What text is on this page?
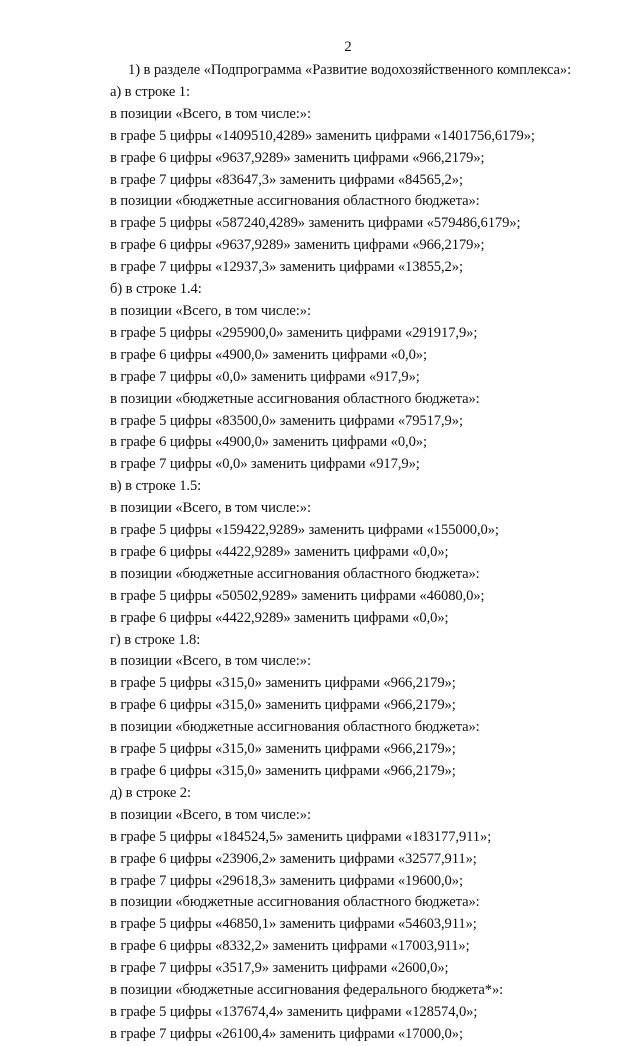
2
1) в разделе «Подпрограмма «Развитие водохозяйственного комплекса»:
а) в строке 1:
в позиции «Всего, в том числе:»:
в графе 5 цифры «1409510,4289» заменить цифрами «1401756,6179»;
в графе 6 цифры «9637,9289» заменить цифрами «966,2179»;
в графе 7 цифры «83647,3» заменить цифрами «84565,2»;
в позиции «бюджетные ассигнования областного бюджета»:
в графе 5 цифры «587240,4289» заменить цифрами «579486,6179»;
в графе 6 цифры «9637,9289» заменить цифрами «966,2179»;
в графе 7 цифры «12937,3» заменить цифрами «13855,2»;
б) в строке 1.4:
в позиции «Всего, в том числе:»:
в графе 5 цифры «295900,0» заменить цифрами «291917,9»;
в графе 6 цифры «4900,0» заменить цифрами «0,0»;
в графе 7 цифры «0,0» заменить цифрами «917,9»;
в позиции «бюджетные ассигнования областного бюджета»:
в графе 5 цифры «83500,0» заменить цифрами «79517,9»;
в графе 6 цифры «4900,0» заменить цифрами «0,0»;
в графе 7 цифры «0,0» заменить цифрами «917,9»;
в) в строке 1.5:
в позиции «Всего, в том числе:»:
в графе 5 цифры «159422,9289» заменить цифрами «155000,0»;
в графе 6 цифры «4422,9289» заменить цифрами «0,0»;
в позиции «бюджетные ассигнования областного бюджета»:
в графе 5 цифры «50502,9289» заменить цифрами «46080,0»;
в графе 6 цифры «4422,9289» заменить цифрами «0,0»;
г) в строке 1.8:
в позиции «Всего, в том числе:»:
в графе 5 цифры «315,0» заменить цифрами «966,2179»;
в графе 6 цифры «315,0» заменить цифрами «966,2179»;
в позиции «бюджетные ассигнования областного бюджета»:
в графе 5 цифры «315,0» заменить цифрами «966,2179»;
в графе 6 цифры «315,0» заменить цифрами «966,2179»;
д) в строке 2:
в позиции «Всего, в том числе:»:
в графе 5 цифры «184524,5» заменить цифрами «183177,911»;
в графе 6 цифры «23906,2» заменить цифрами «32577,911»;
в графе 7 цифры «29618,3» заменить цифрами «19600,0»;
в позиции «бюджетные ассигнования областного бюджета»:
в графе 5 цифры «46850,1» заменить цифрами «54603,911»;
в графе 6 цифры «8332,2» заменить цифрами «17003,911»;
в графе 7 цифры «3517,9» заменить цифрами «2600,0»;
в позиции «бюджетные ассигнования федерального бюджета*»:
в графе 5 цифры «137674,4» заменить цифрами «128574,0»;
в графе 7 цифры «26100,4» заменить цифрами «17000,0»;
